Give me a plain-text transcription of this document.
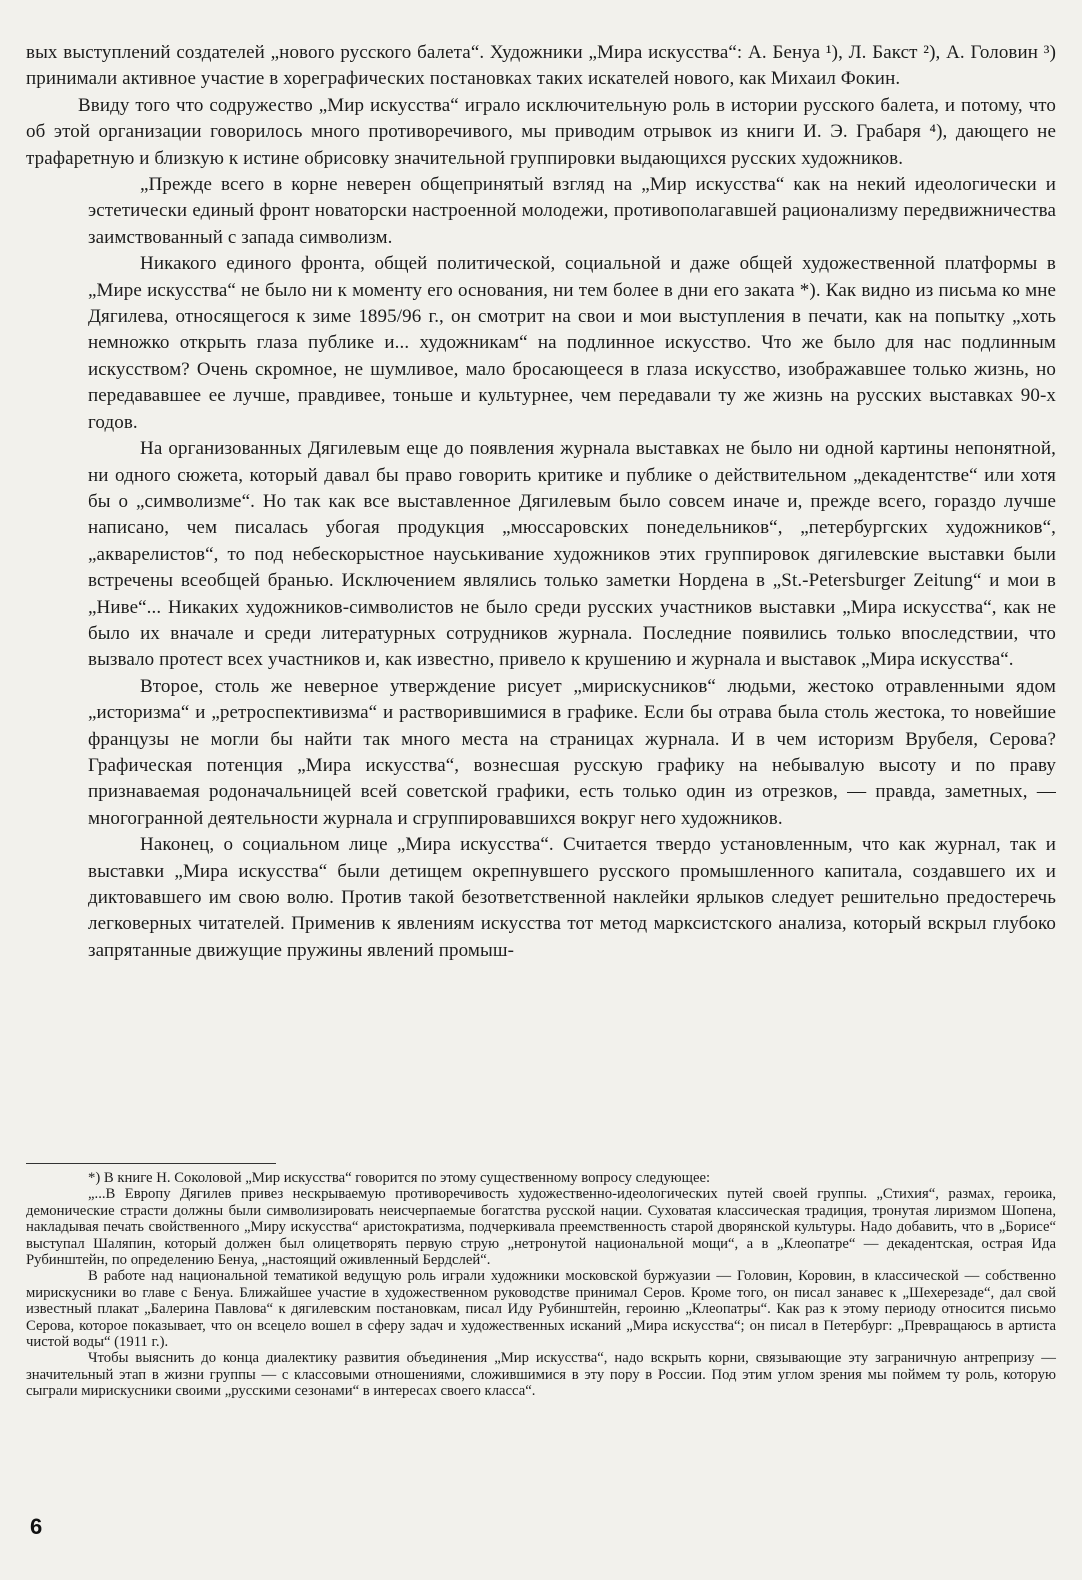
вых выступлений создателей „нового русского балета“. Художники „Мира искусства“: А. Бенуа ¹), Л. Бакст ²), А. Головин ³) принимали активное участие в хореграфических постановках таких искателей нового, как Михаил Фокин.

Ввиду того что содружество „Мир искусства“ играло исключительную роль в истории русского балета, и потому, что об этой организации говорилось много противоречивого, мы приводим отрывок из книги И. Э. Грабаря ⁴), дающего не трафаретную и близкую к истине обрисовку значительной группировки выдающихся русских художников.

„Прежде всего в корне неверен общепринятый взгляд на „Мир искусства“ как на некий идеологически и эстетически единый фронт новаторски настроенной молодежи, противополагавшей рационализму передвижничества заимствованный с запада символизм.

Никакого единого фронта, общей политической, социальной и даже общей художественной платформы в „Мире искусства“ не было ни к моменту его основания, ни тем более в дни его заката *). Как видно из письма ко мне Дягилева, относящегося к зиме 1895/96 г., он смотрит на свои и мои выступления в печати, как на попытку „хоть немножко открыть глаза публике и... художникам“ на подлинное искусство. Что же было для нас подлинным искусством? Очень скромное, не шумливое, мало бросающееся в глаза искусство, изображавшее только жизнь, но передававшее ее лучше, правдивее, тоньше и культурнее, чем передавали ту же жизнь на русских выставках 90-х годов.

На организованных Дягилевым еще до появления журнала выставках не было ни одной картины непонятной, ни одного сюжета, который давал бы право говорить критике и публике о действительном „декадентстве“ или хотя бы о „символизме“. Но так как все выставленное Дягилевым было совсем иначе и, прежде всего, гораздо лучше написано, чем писалась убогая продукция „мюссаровских понедельников“, „петербургских художников“, „акварелистов“, то под небескорыстное науськивание художников этих группировок дягилевские выставки были встречены всеобщей бранью. Исключением являлись только заметки Нордена в „St.-Petersburger Zeitung“ и мои в „Ниве“... Никаких художников-символистов не было среди русских участников выставки „Мира искусства“, как не было их вначале и среди литературных сотрудников журнала. Последние появились только впоследствии, что вызвало протест всех участников и, как известно, привело к крушению и журнала и выставок „Мира искусства“.

Второе, столь же неверное утверждение рисует „мирискусников“ людьми, жестоко отравленными ядом „историзма“ и „ретроспективизма“ и растворившимися в графике. Если бы отрава была столь жестока, то новейшие французы не могли бы найти так много места на страницах журнала. И в чем историзм Врубеля, Серова? Графическая потенция „Мира искусства“, вознесшая русскую графику на небывалую высоту и по праву признаваемая родоначальницей всей советской графики, есть только один из отрезков, — правда, заметных, — многогранной деятельности журнала и сгруппировавшихся вокруг него художников.

Наконец, о социальном лице „Мира искусства“. Считается твердо установленным, что как журнал, так и выставки „Мира искусства“ были детищем окрепнувшего русского промышленного капитала, создавшего их и диктовавшего им свою волю. Против такой безответственной наклейки ярлыков следует решительно предостеречь легковерных читателей. Применив к явлениям искусства тот метод марксистского анализа, который вскрыл глубоко запрятанные движущие пружины явлений промыш-

*) В книге Н. Соколовой „Мир искусства“ говорится по этому существенному вопросу следующее:

„...В Европу Дягилев привез нескрываемую противоречивость художественно-идеологических путей своей группы. „Стихия“, размах, героика, демонические страсти должны были символизировать неисчерпаемые богатства русской нации. Суховатая классическая традиция, тронутая лиризмом Шопена, накладывая печать свойственного „Миру искусства“ аристократизма, подчеркивала преемственность старой дворянской культуры. Надо добавить, что в „Борисе“ выступал Шаляпин, который должен был олицетворять первую струю „нетронутой национальной мощи“, а в „Клеопатре“ — декадентская, острая Ида Рубинштейн, по определению Бенуа, „настоящий оживленный Бердслей“.

В работе над национальной тематикой ведущую роль играли художники московской буржуазии — Головин, Коровин, в классической — собственно мирискусники во главе с Бенуа. Ближайшее участие в художественном руководстве принимал Серов. Кроме того, он писал занавес к „Шехерезаде“, дал свой известный плакат „Балерина Павлова“ к дягилевским постановкам, писал Иду Рубинштейн, героиню „Клеопатры“. Как раз к этому периоду относится письмо Серова, которое показывает, что он всецело вошел в сферу задач и художественных исканий „Мира искусства“; он писал в Петербург: „Превращаюсь в артиста чистой воды“ (1911 г.).

Чтобы выяснить до конца диалектику развития объединения „Мир искусства“, надо вскрыть корни, связывающие эту заграничную антрепризу — значительный этап в жизни группы — с классовыми отношениями, сложившимися в эту пору в России. Под этим углом зрения мы поймем ту роль, которую сыграли мирискусники своими „русскими сезонами“ в интересах своего класса“.

6
